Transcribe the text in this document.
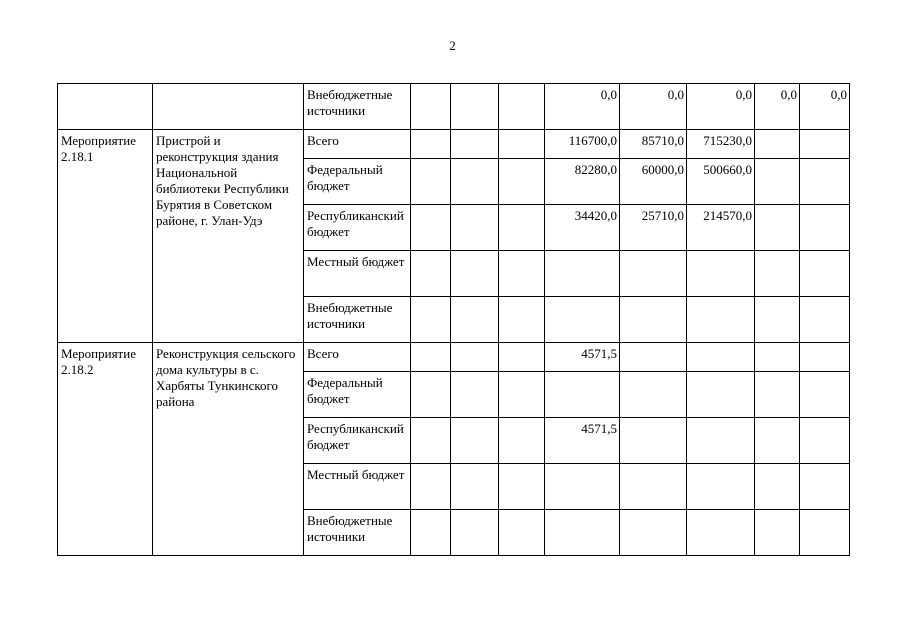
2
		Внебюджетные источники				0,0	0,0	0,0	0,0	0,0
Мероприятие 2.18.1	Пристрой и реконструкция здания Национальной библиотеки Республики Бурятия в Советском районе, г. Улан-Удэ	Всего				116700,0	85710,0	715230,0		
		Федеральный бюджет				82280,0	60000,0	500660,0		
		Республиканский бюджет				34420,0	25710,0	214570,0		
		Местный бюджет								
		Внебюджетные источники								
Мероприятие 2.18.2	Реконструкция сельского дома культуры в с. Харбяты Тункинского района	Всего				4571,5				
		Федеральный бюджет								
		Республиканский бюджет				4571,5				
		Местный бюджет								
		Внебюджетные источники								
